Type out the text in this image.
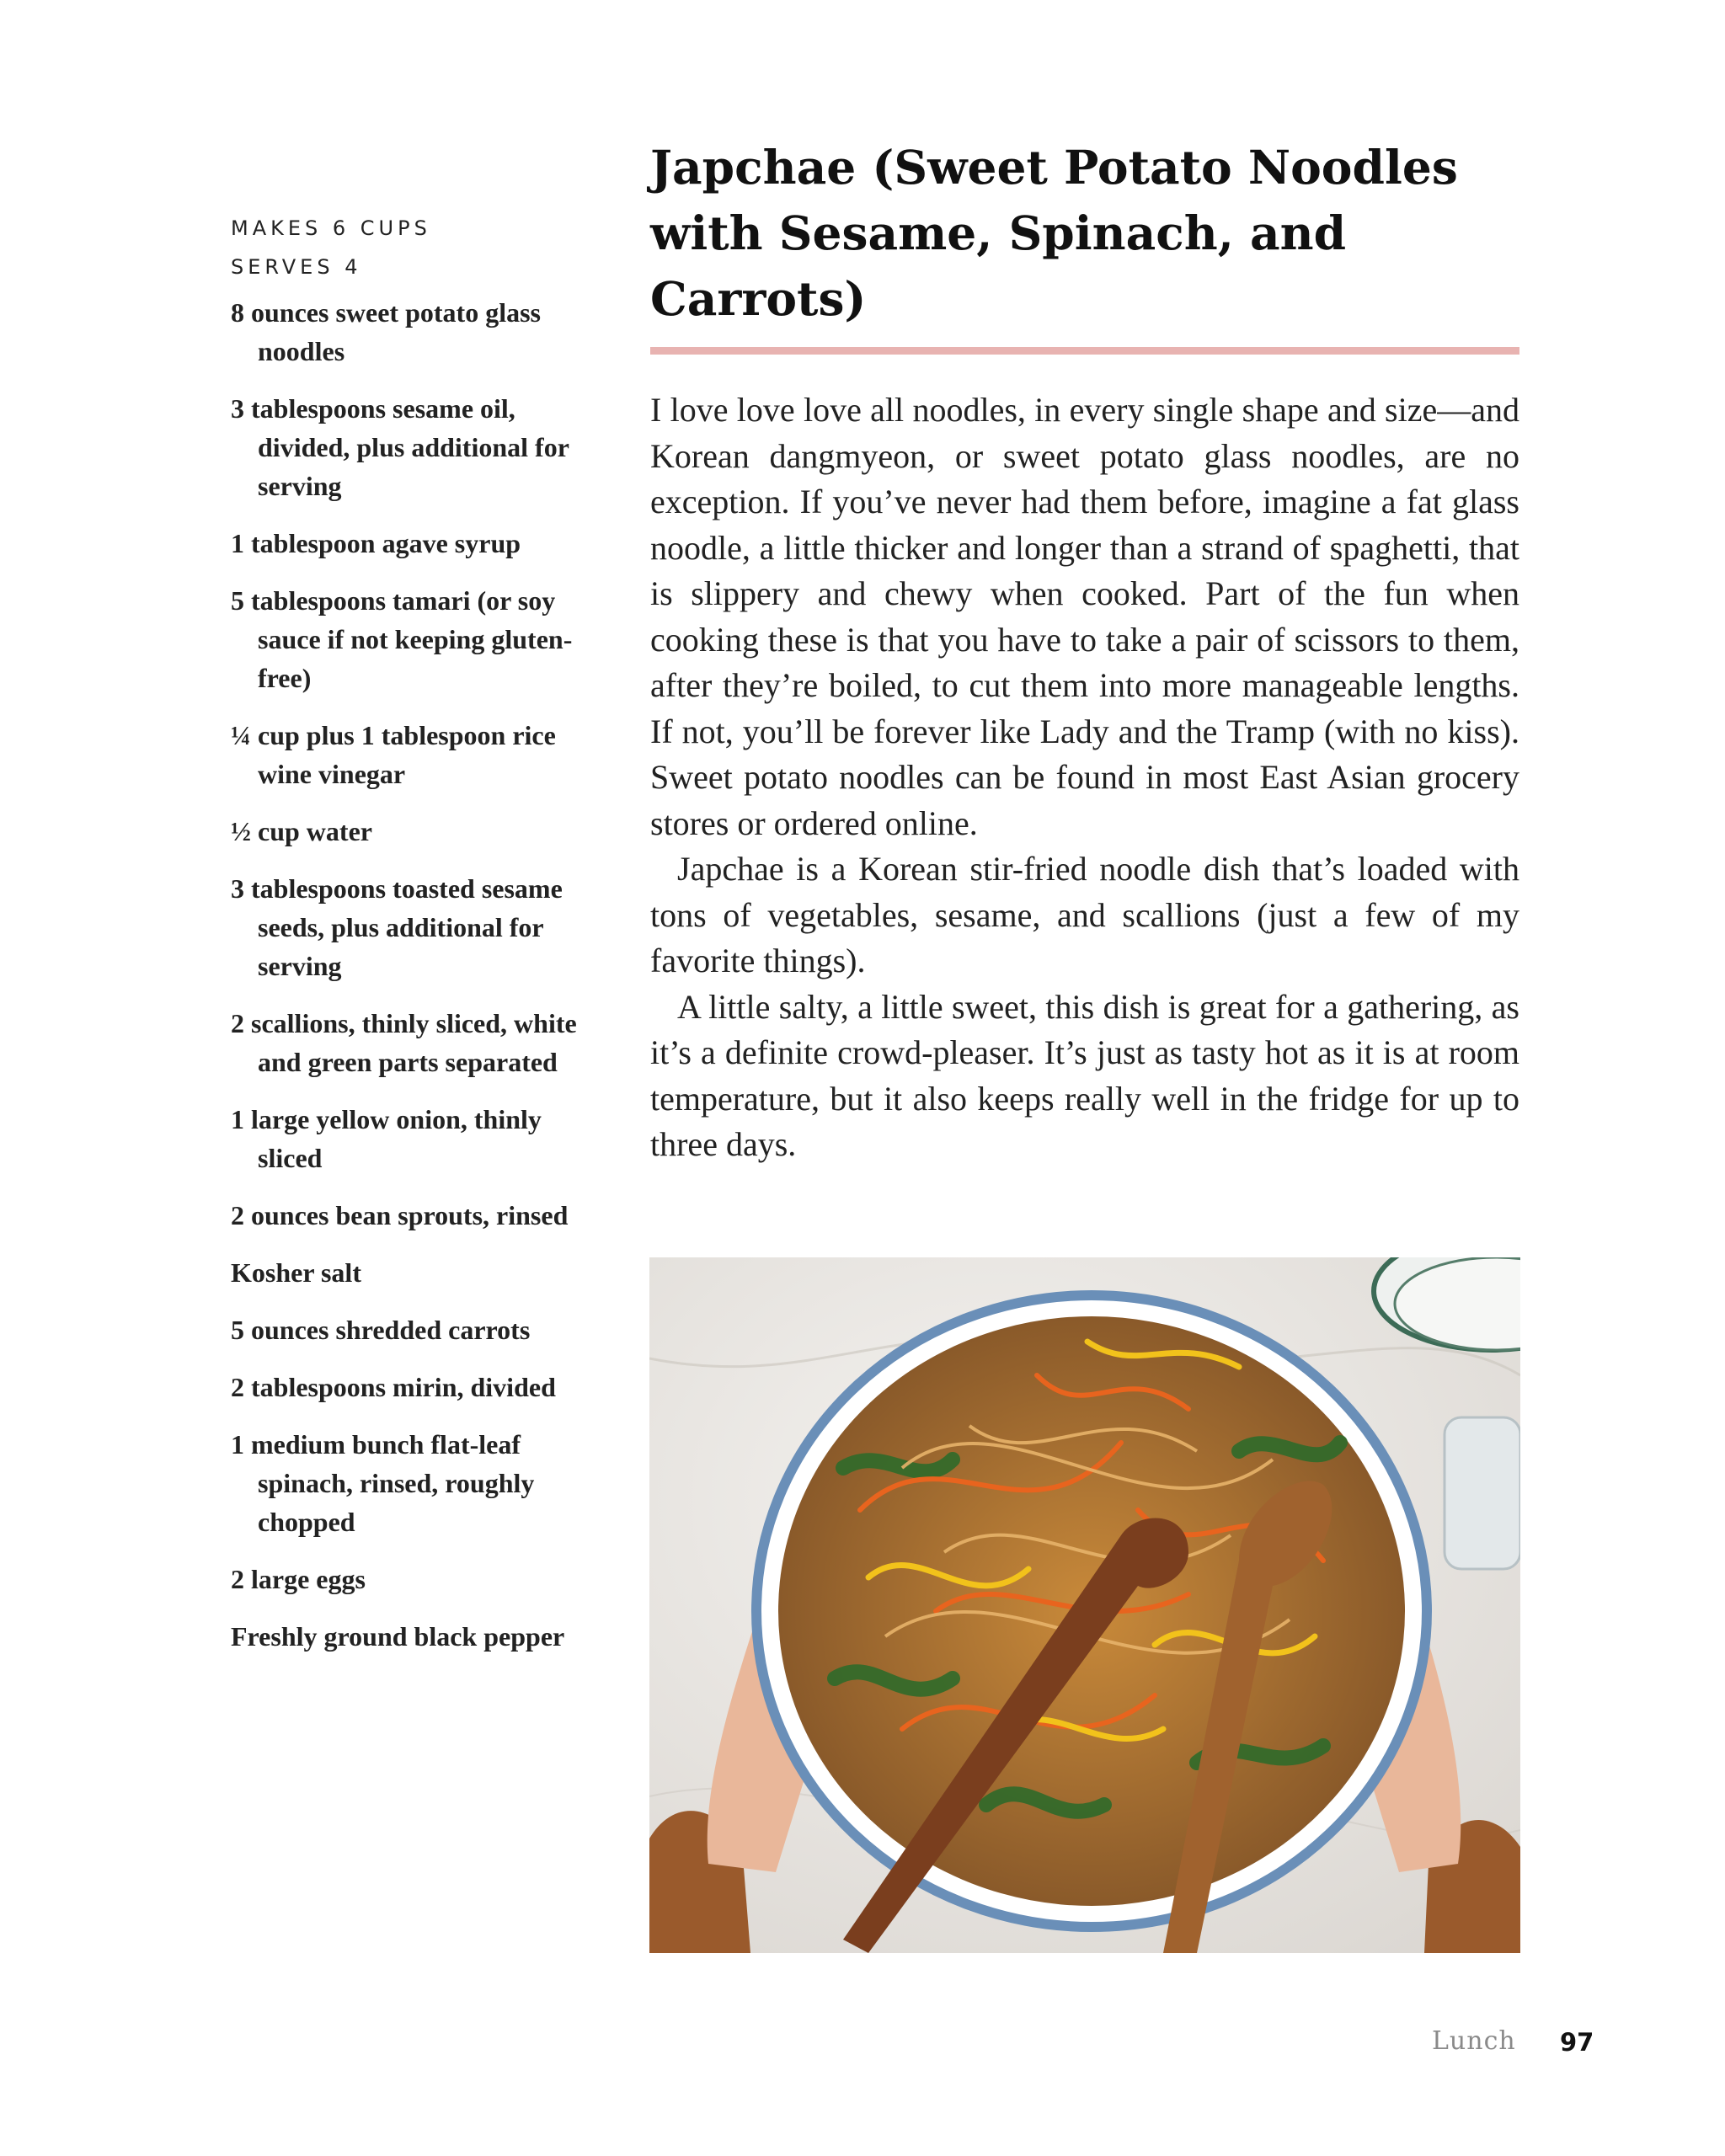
MAKES 6 CUPS
SERVES 4
8 ounces sweet potato glass noodles
3 tablespoons sesame oil, divided, plus additional for serving
1 tablespoon agave syrup
5 tablespoons tamari (or soy sauce if not keeping gluten-free)
¼ cup plus 1 tablespoon rice wine vinegar
½ cup water
3 tablespoons toasted sesame seeds, plus additional for serving
2 scallions, thinly sliced, white and green parts separated
1 large yellow onion, thinly sliced
2 ounces bean sprouts, rinsed
Kosher salt
5 ounces shredded carrots
2 tablespoons mirin, divided
1 medium bunch flat-leaf spinach, rinsed, roughly chopped
2 large eggs
Freshly ground black pepper
Japchae (Sweet Potato Noodles with Sesame, Spinach, and Carrots)

I love love love all noodles, in every single shape and size—and Korean dangmyeon, or sweet potato glass noodles, are no exception. If you’ve never had them before, imagine a fat glass noodle, a little thicker and longer than a strand of spaghetti, that is slippery and chewy when cooked. Part of the fun when cooking these is that you have to take a pair of scissors to them, after they’re boiled, to cut them into more manageable lengths. If not, you’ll be forever like Lady and the Tramp (with no kiss). Sweet potato noodles can be found in most East Asian grocery stores or ordered online.

Japchae is a Korean stir-fried noodle dish that’s loaded with tons of vegetables, sesame, and scallions (just a few of my favorite things).

A little salty, a little sweet, this dish is great for a gathering, as it’s a definite crowd-pleaser. It’s just as tasty hot as it is at room temperature, but it also keeps really well in the fridge for up to three days.

Lunch 97
